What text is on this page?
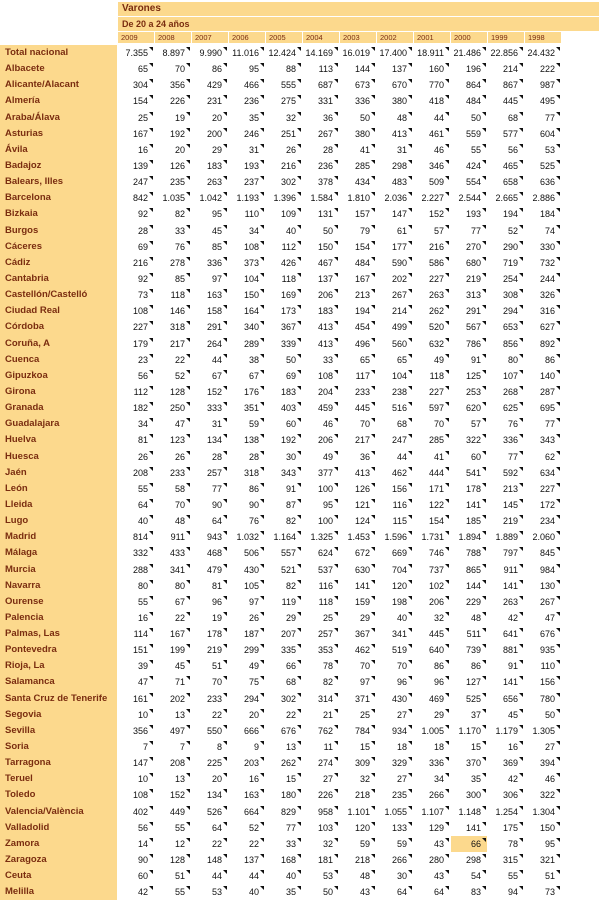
Varones
De 20 a 24 años
2009	2008	2007	2006	2005	2004	2003	2002	2001	2000	1999	1998
Total nacional	7.355	8.897	9.990	11.016	12.424	14.169	16.019	17.400	18.911	21.486	22.856	24.432
Albacete	65	70	86	95	88	113	144	137	160	196	214	222
Alicante/Alacant	304	356	429	466	555	687	673	670	770	864	867	987
Almería	154	226	231	236	275	331	336	380	418	484	445	495
Araba/Álava	25	19	20	35	32	36	50	48	44	50	68	77
Asturias	167	192	200	246	251	267	380	413	461	559	577	604
Ávila	16	20	29	31	26	28	41	31	46	55	56	53
Badajoz	139	126	183	193	216	236	285	298	346	424	465	525
Balears, Illes	247	235	263	237	302	378	434	483	509	554	658	636
Barcelona	842	1.035	1.042	1.193	1.396	1.584	1.810	2.036	2.227	2.544	2.665	2.886
Bizkaia	92	82	95	110	109	131	157	147	152	193	194	184
Burgos	28	33	45	34	40	50	79	61	57	77	52	74
Cáceres	69	76	85	108	112	150	154	177	216	270	290	330
Cádiz	216	278	336	373	426	467	484	590	586	680	719	732
Cantabria	92	85	97	104	118	137	167	202	227	219	254	244
Castellón/Castelló	73	118	163	150	169	206	213	267	263	313	308	326
Ciudad Real	108	146	158	164	173	183	194	214	262	291	294	316
Córdoba	227	318	291	340	367	413	454	499	520	567	653	627
Coruña, A	179	217	264	289	339	413	496	560	632	786	856	892
Cuenca	23	22	44	38	50	33	65	65	49	91	80	86
Gipuzkoa	56	52	67	67	69	108	117	104	118	125	107	140
Girona	112	128	152	176	183	204	233	238	227	253	268	287
Granada	182	250	333	351	403	459	445	516	597	620	625	695
Guadalajara	34	47	31	59	60	46	70	68	70	57	76	77
Huelva	81	123	134	138	192	206	217	247	285	322	336	343
Huesca	26	26	28	28	30	49	36	44	41	60	77	62
Jaén	208	233	257	318	343	377	413	462	444	541	592	634
León	55	58	77	86	91	100	126	156	171	178	213	227
Lleida	64	70	90	90	87	95	121	116	122	141	145	172
Lugo	40	48	64	76	82	100	124	115	154	185	219	234
Madrid	814	911	943	1.032	1.164	1.325	1.453	1.596	1.731	1.894	1.889	2.060
Málaga	332	433	468	506	557	624	672	669	746	788	797	845
Murcia	288	341	479	430	521	537	630	704	737	865	911	984
Navarra	80	80	81	105	82	116	141	120	102	144	141	130
Ourense	55	67	96	97	119	118	159	198	206	229	263	267
Palencia	16	22	19	26	29	25	29	40	32	48	42	47
Palmas, Las	114	167	178	187	207	257	367	341	445	511	641	676
Pontevedra	151	199	219	299	335	353	462	519	640	739	881	935
Rioja, La	39	45	51	49	66	78	70	70	86	86	91	110
Salamanca	47	71	70	75	68	82	97	96	96	127	141	156
Santa Cruz de Tenerife	161	202	233	294	302	314	371	430	469	525	656	780
Segovia	10	13	22	20	22	21	25	27	29	37	45	50
Sevilla	356	497	550	666	676	762	784	934	1.005	1.170	1.179	1.305
Soria	7	7	8	9	13	11	15	18	18	15	16	27
Tarragona	147	208	225	203	262	274	309	329	336	370	369	394
Teruel	10	13	20	16	15	27	32	27	34	35	42	46
Toledo	108	152	134	163	180	226	218	235	266	300	306	322
Valencia/València	402	449	526	664	829	958	1.101	1.055	1.107	1.148	1.254	1.304
Valladolid	56	55	64	52	77	103	120	133	129	141	175	150
Zamora	14	12	22	22	33	32	59	59	43	66	78	95
Zaragoza	90	128	148	137	168	181	218	266	280	298	315	321
Ceuta	60	51	44	44	40	53	48	30	43	54	55	51
Melilla	42	55	53	40	35	50	43	64	64	83	94	73
